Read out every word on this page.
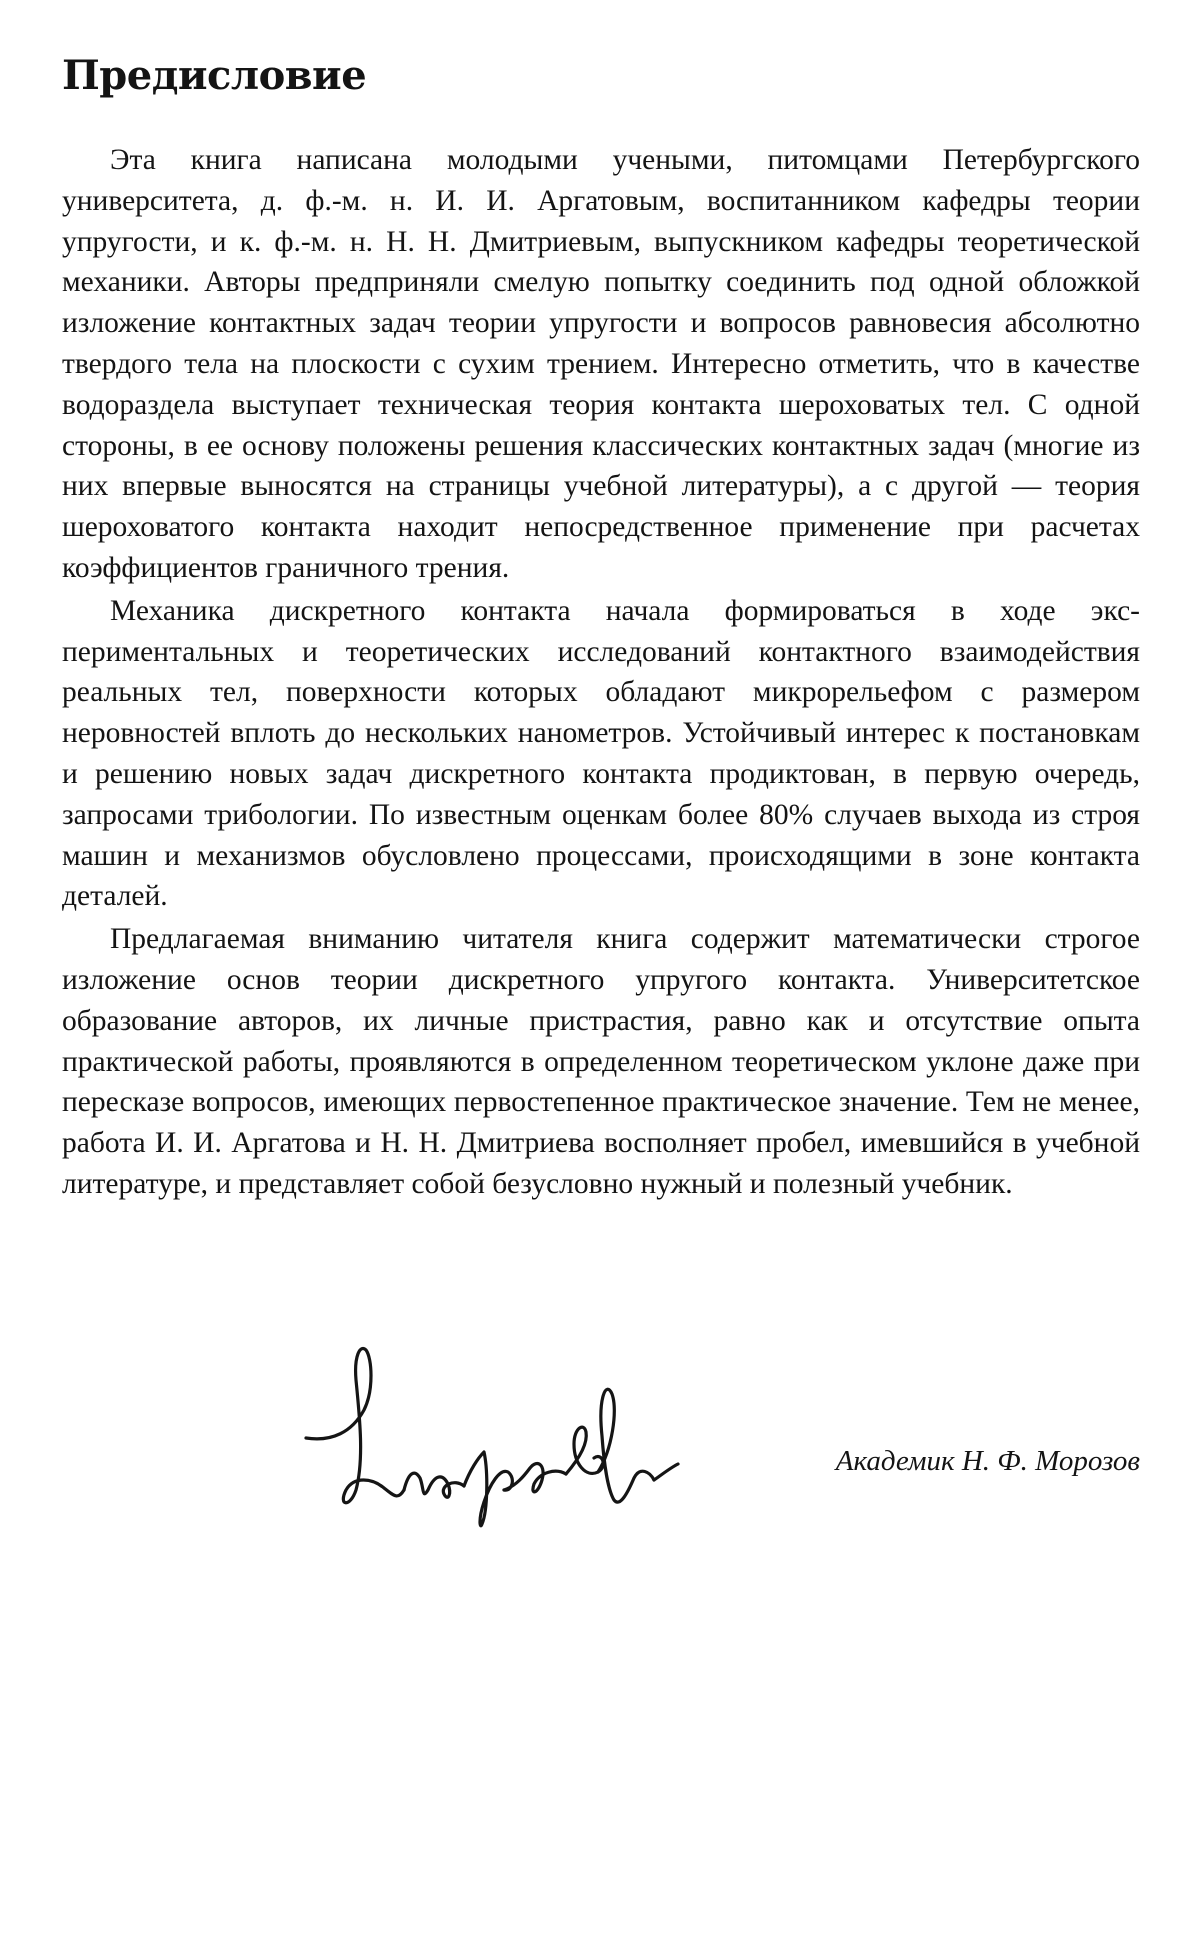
Предисловие

Эта книга написана молодыми учеными, питомцами Петербургского университета, д. ф.-м. н. И. И. Аргатовым, воспитанником кафедры теории упругости, и к. ф.-м. н. Н. Н. Дмитриевым, выпускником кафедры теоретической механики. Авторы предприняли смелую попытку соединить под одной обложкой изложение контактных задач теории упругости и вопросов равновесия абсолютно твердого тела на плоскости с сухим трением. Интересно отметить, что в качестве водораздела выступает техническая теория контакта шероховатых тел. С одной стороны, в ее основу положены решения классических контактных задач (многие из них впервые выносятся на страницы учебной литературы), а с другой — теория шероховатого контакта находит непосредственное применение при расчетах коэффициентов граничного трения.

Механика дискретного контакта начала формироваться в ходе экспериментальных и теоретических исследований контактного взаимодействия реальных тел, поверхности которых обладают микрорельефом с размером неровностей вплоть до нескольких нанометров. Устойчивый интерес к постановкам и решению новых задач дискретного контакта продиктован, в первую очередь, запросами трибологии. По известным оценкам более 80% случаев выхода из строя машин и механизмов обусловлено процессами, происходящими в зоне контакта деталей.

Предлагаемая вниманию читателя книга содержит математически строгое изложение основ теории дискретного упругого контакта. Университетское образование авторов, их личные пристрастия, равно как и отсутствие опыта практической работы, проявляются в определенном теоретическом уклоне даже при пересказе вопросов, имеющих первостепенное практическое значение. Тем не менее, работа И. И. Аргатова и Н. Н. Дмитриева восполняет пробел, имевшийся в учебной литературе, и представляет собой безусловно нужный и полезный учебник.

Академик Н. Ф. Морозов
